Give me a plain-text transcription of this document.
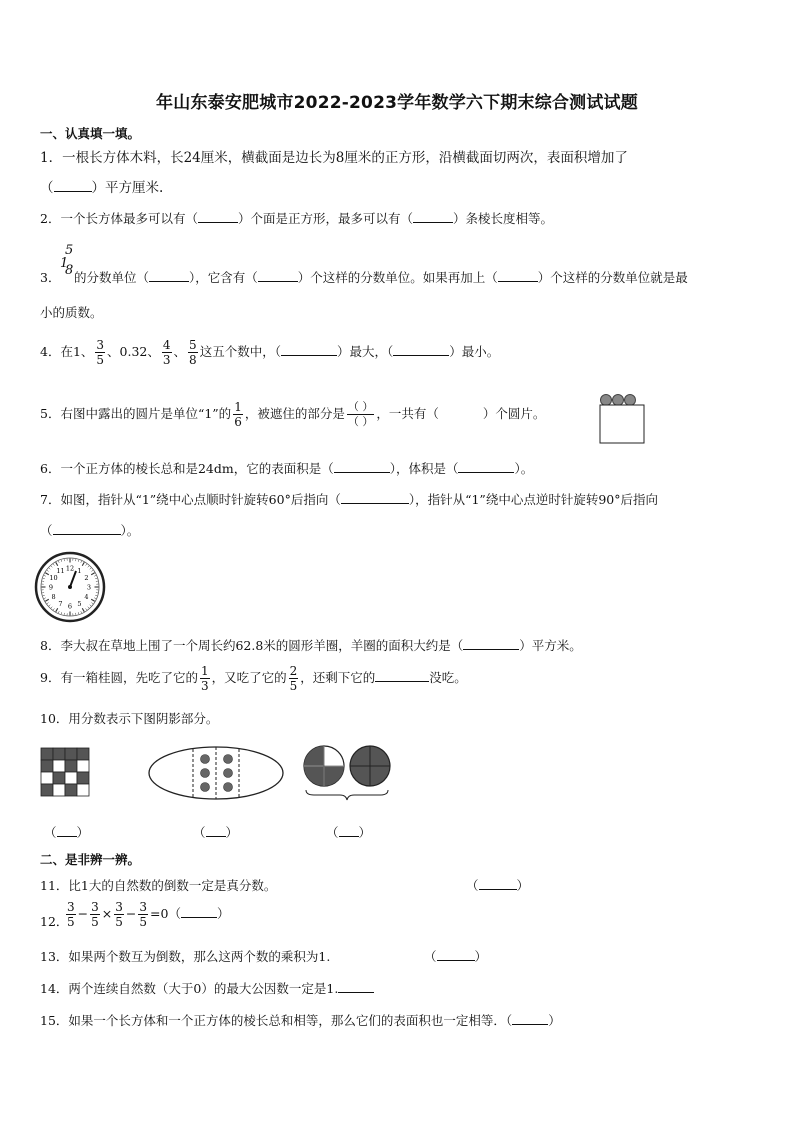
年山东泰安肥城市2022-2023学年数学六下期末综合测试试题
一、认真填一填。
1．一根长方体木料，长24厘米，横截面是边长为8厘米的正方形，沿横截面切两次，表面积增加了
（	）平方厘米.
2．一个长方体最多可以有（	）个面是正方形，最多可以有（	）条棱长度相等。
3．
1
5
8 的分数单位（	），它含有（	）个这样的分数单位。如果再加上（	）个这样的分数单位就是最
小的质数。
4．在1、 $\frac{3}{5}$ 、0.32、 $\frac{4}{3}$ 、 $\frac{5}{8}$ 这五个数中，（	）最大，（	）最小。
5．右图中露出的圆片是单位“1”的 $\frac{1}{6}$ ，被遮住的部分是 $\frac{( )}{( )}$ ，一共有（	）个圆片。
6．一个正方体的棱长总和是24dm，它的表面积是（	），体积是（	）。
7．如图，指针从“1”绕中心点顺时针旋转60°后指向（	），指针从“1”绕中心点逆时针旋转90°后指向
（	）。
12 1
2
3
4
5
6
7
8
9
10
11
8．李大叔在草地上围了一个周长约62.8米的圆形羊圈，羊圈的面积大约是（	）平方米。
9．有一箱桂圆，先吃了它的 $\frac{1}{3}$ ，又吃了它的 $\frac{2}{5}$ ，还剩下它的	没吃。
10．用分数表示下图阴影部分。
（ ）	（ ）	（ ）
二、是非辨一辨。
11．比1大的自然数的倒数一定是真分数。	（	）
12．
$\frac{3}{5} - \frac{3}{5} \times \frac{3}{5} - \frac{3}{5} =0$（	）
13．如果两个数互为倒数，那么这两个数的乘积为1.	（	）
14．两个连续自然数（大于0）的最大公因数一定是1.
15．如果一个长方体和一个正方体的棱长总和相等，那么它们的表面积也一定相等．（	）
